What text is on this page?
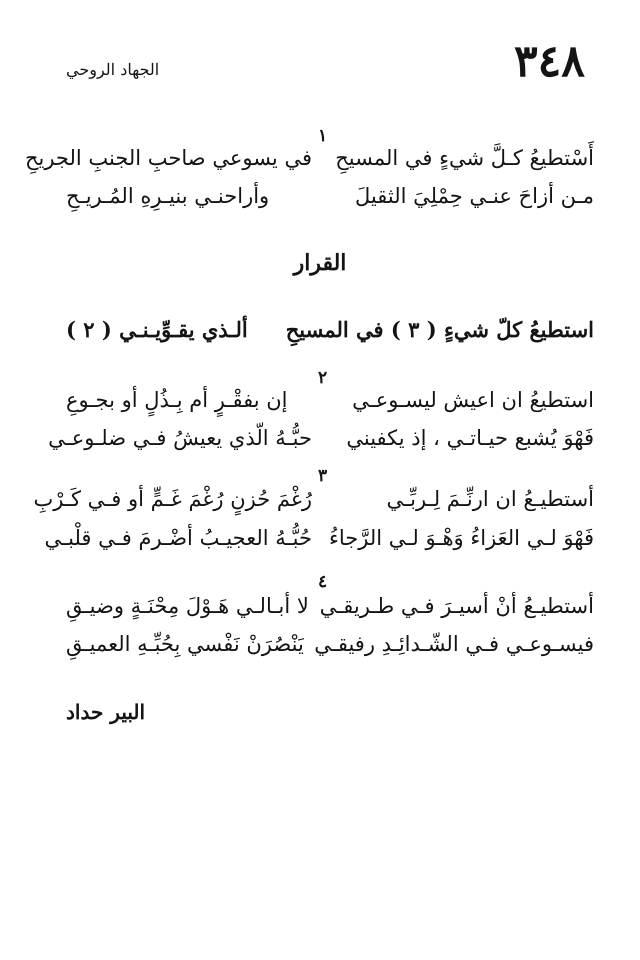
٣٤٨
الجهاد الروحي
١
أَسْتطيعُ كـلَّ شيءٍ في المسيحِ
في يسوعي صاحبِ الجنبِ الجريحِ
مـن أزاحَ عنـي حِمْلِيَ الثقيلَ
وأراحنـي بنيـرِهِ المُـريـحِ
القرار
استطيعُ كلّ شيءٍ ( ٣ ) في المسيحِ
ألـذي يقـوِّيـنـي ( ٢ )
٢
استطيعُ ان اعيش ليسـوعـي
إن بفقْـرٍ أم بِـذُلٍ أو بجـوعِ
فَهْوَ يُشبع حيـاتـي ، إذ يكفيني
حبُّـهُ الّذي يعيشُ فـي ضلـوعـي
٣
أستطيـعُ ان ارنِّـمَ لِـربِّـي
رُغْمَ حُزنٍ رُغْمَ غَـمٍّ أو فـي كَـرْبِ
فَهْوَ لـي العَزاءُ وَهْـوَ لـي الرَّجاءُ
حُبُّـهُ العجيـبُ أضْـرمَ فـي قلْبـي
٤
أستطيـعُ أنْ أسيـرَ فـي طـريقـي
لا أبـالـي هَـوْلَ مِحْنَـةٍ وضيـقِ
فيسـوعـي فـي الشّـدائِـدِ رفيقـي
يَنْصُرَنْ نَفْسي بِحُبِّـهِ العميـقِ
البير حداد
